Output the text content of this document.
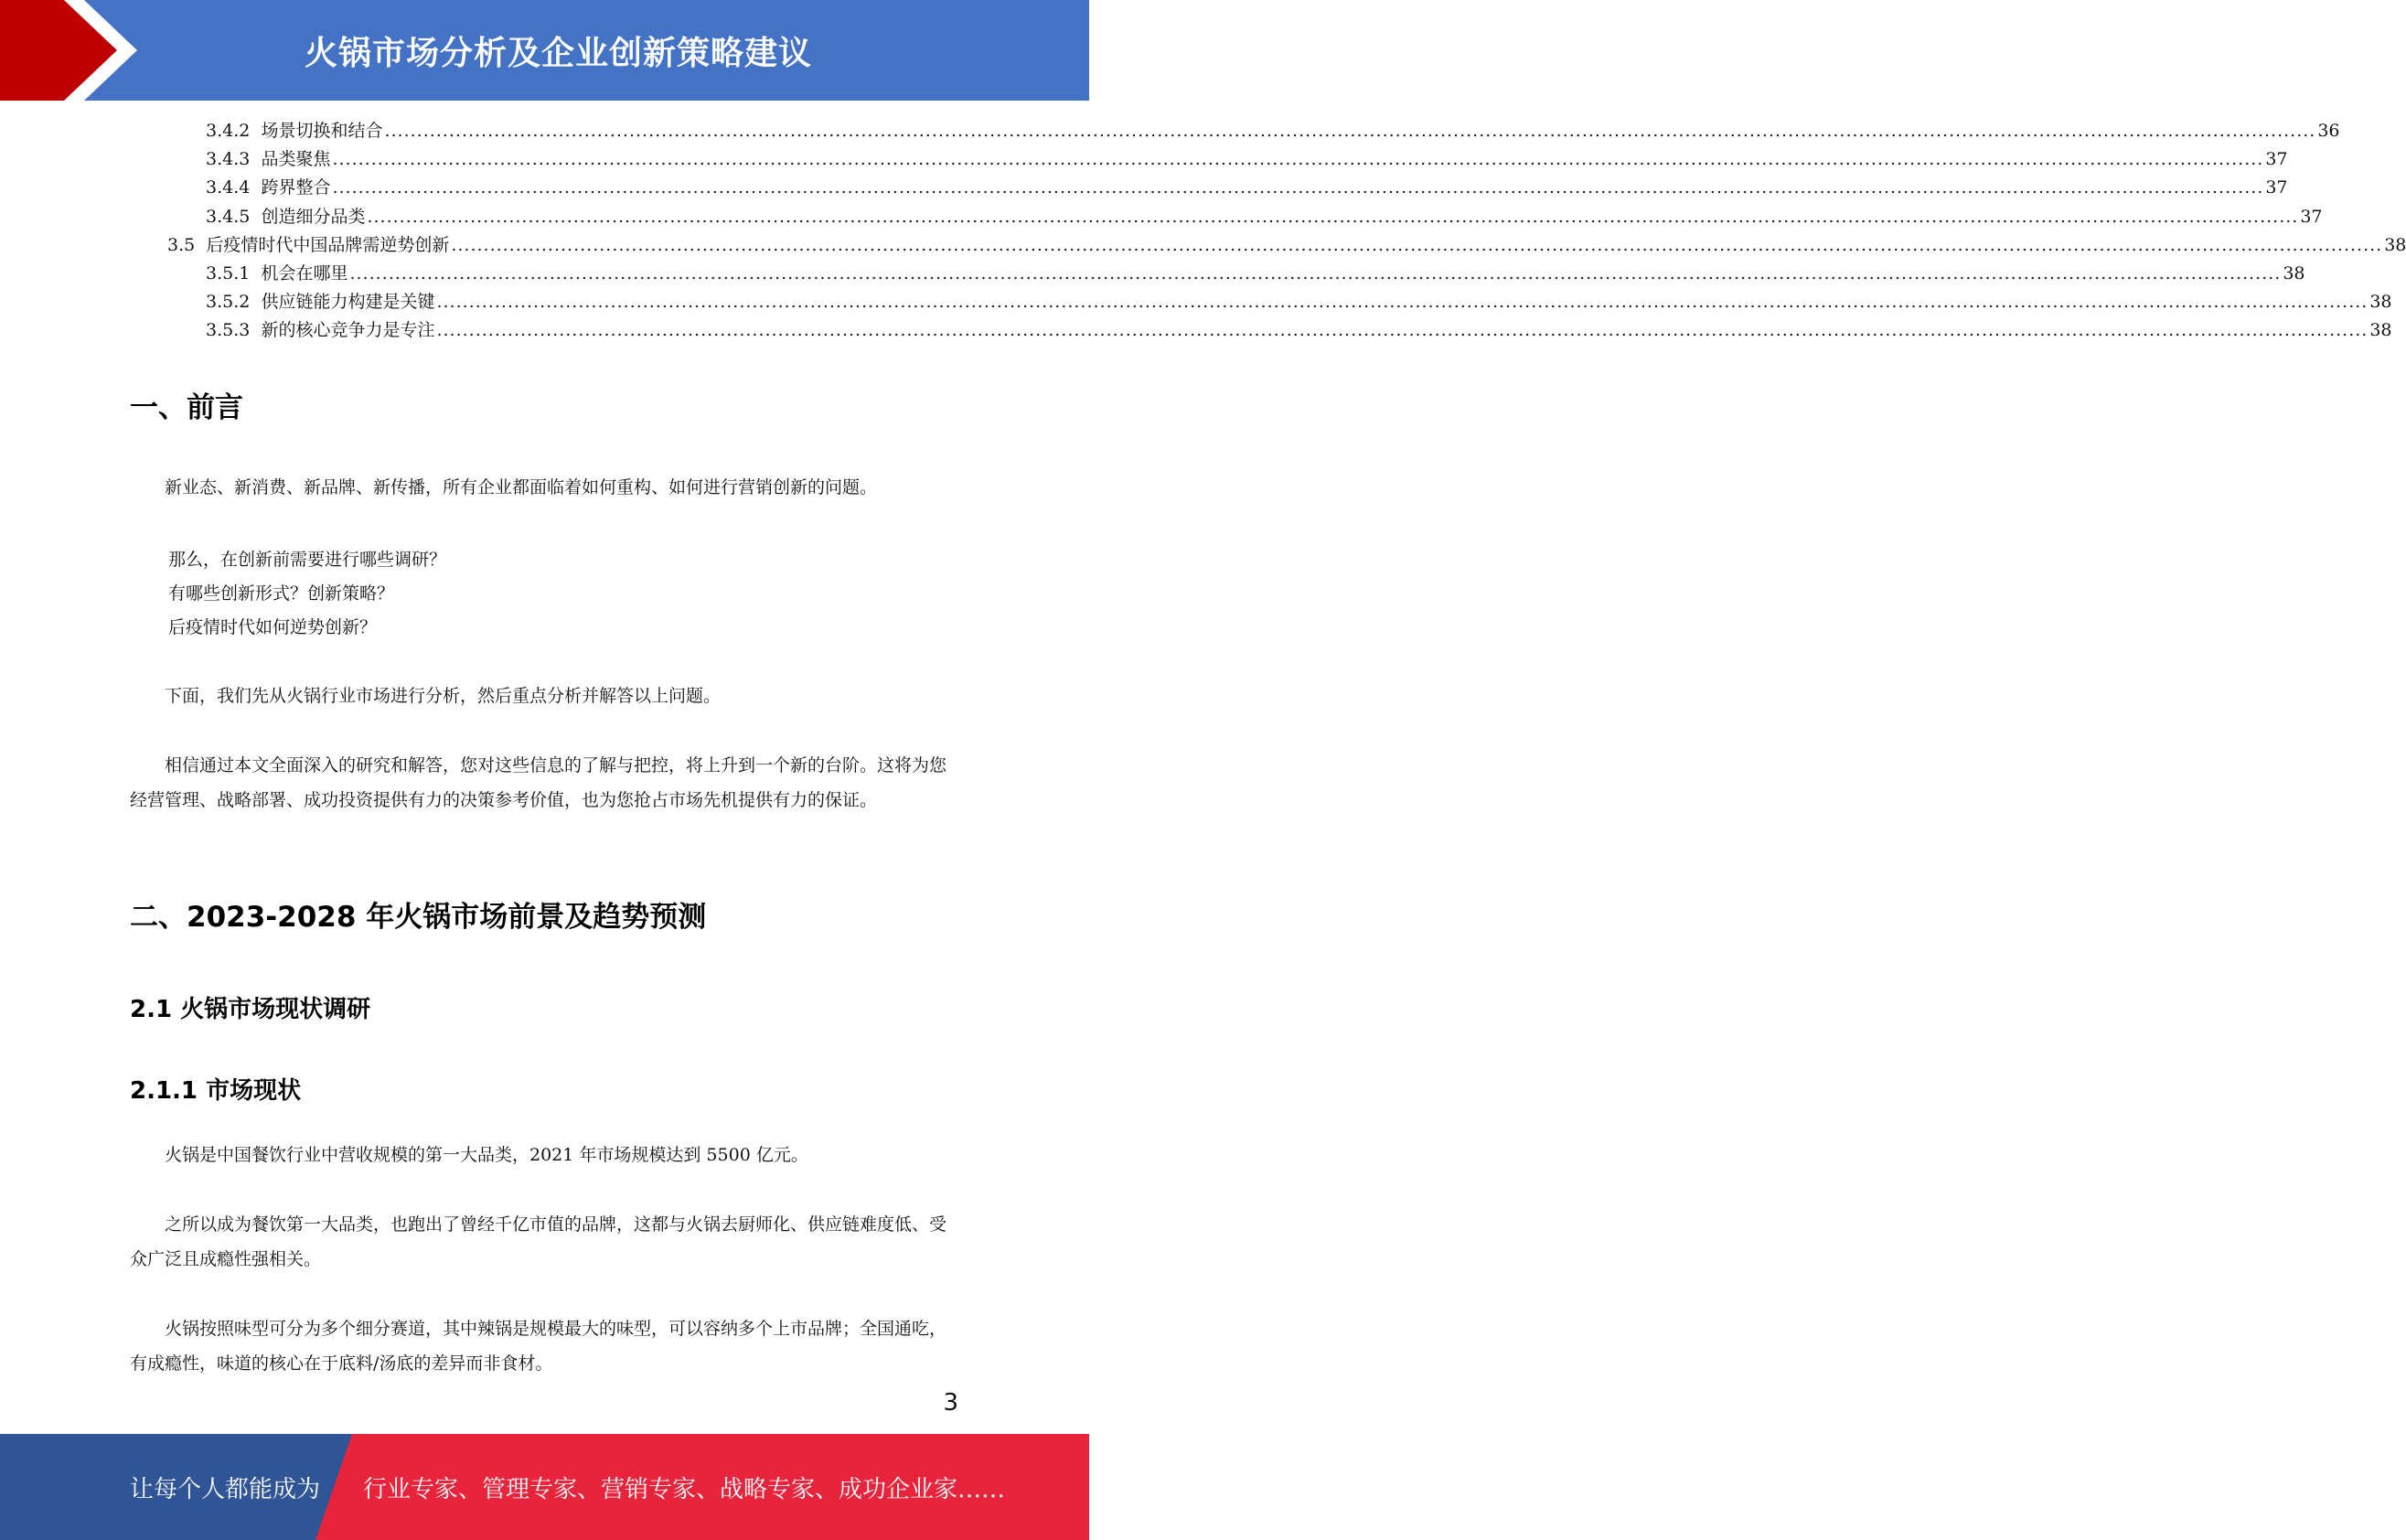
火锅市场分析及企业创新策略建议
3.4.2
场景切换和结合 ............................................................................................................................................................................................................................................................................................................ 36
3.4.3
品类聚焦 ............................................................................................................................................................................................................................................................................................................ 37
3.4.4
跨界整合 ............................................................................................................................................................................................................................................................................................................ 37
3.4.5
创造细分品类 ............................................................................................................................................................................................................................................................................................................ 37
3.5
后疫情时代中国品牌需逆势创新 ............................................................................................................................................................................................................................................................................................................ 38
3.5.1
机会在哪里 ............................................................................................................................................................................................................................................................................................................ 38
3.5.2
供应链能力构建是关键 ............................................................................................................................................................................................................................................................................................................ 38
3.5.3
新的核心竞争力是专注 ............................................................................................................................................................................................................................................................................................................ 38
一、前言

新业态、新消费、新品牌、新传播，所有企业都面临着如何重构、如何进行营销创新的问题。

那么，在创新前需要进行哪些调研？
有哪些创新形式？创新策略？
后疫情时代如何逆势创新？

下面，我们先从火锅行业市场进行分析，然后重点分析并解答以上问题。

相信通过本文全面深入的研究和解答，您对这些信息的了解与把控，将上升到一个新的台阶。这将为您经营管理、战略部署、成功投资提供有力的决策参考价值，也为您抢占市场先机提供有力的保证。

二、2023-2028 年火锅市场前景及趋势预测
2.1 火锅市场现状调研
2.1.1 市场现状

火锅是中国餐饮行业中营收规模的第一大品类，2021 年市场规模达到 5500 亿元。

之所以成为餐饮第一大品类，也跑出了曾经千亿市值的品牌，这都与火锅去厨师化、供应链难度低、受众广泛且成瘾性强相关。

火锅按照味型可分为多个细分赛道，其中辣锅是规模最大的味型，可以容纳多个上市品牌；全国通吃，有成瘾性，味道的核心在于底料/汤底的差异而非食材。

3
让每个人都能成为 行业专家、管理专家、营销专家、战略专家、成功企业家……
